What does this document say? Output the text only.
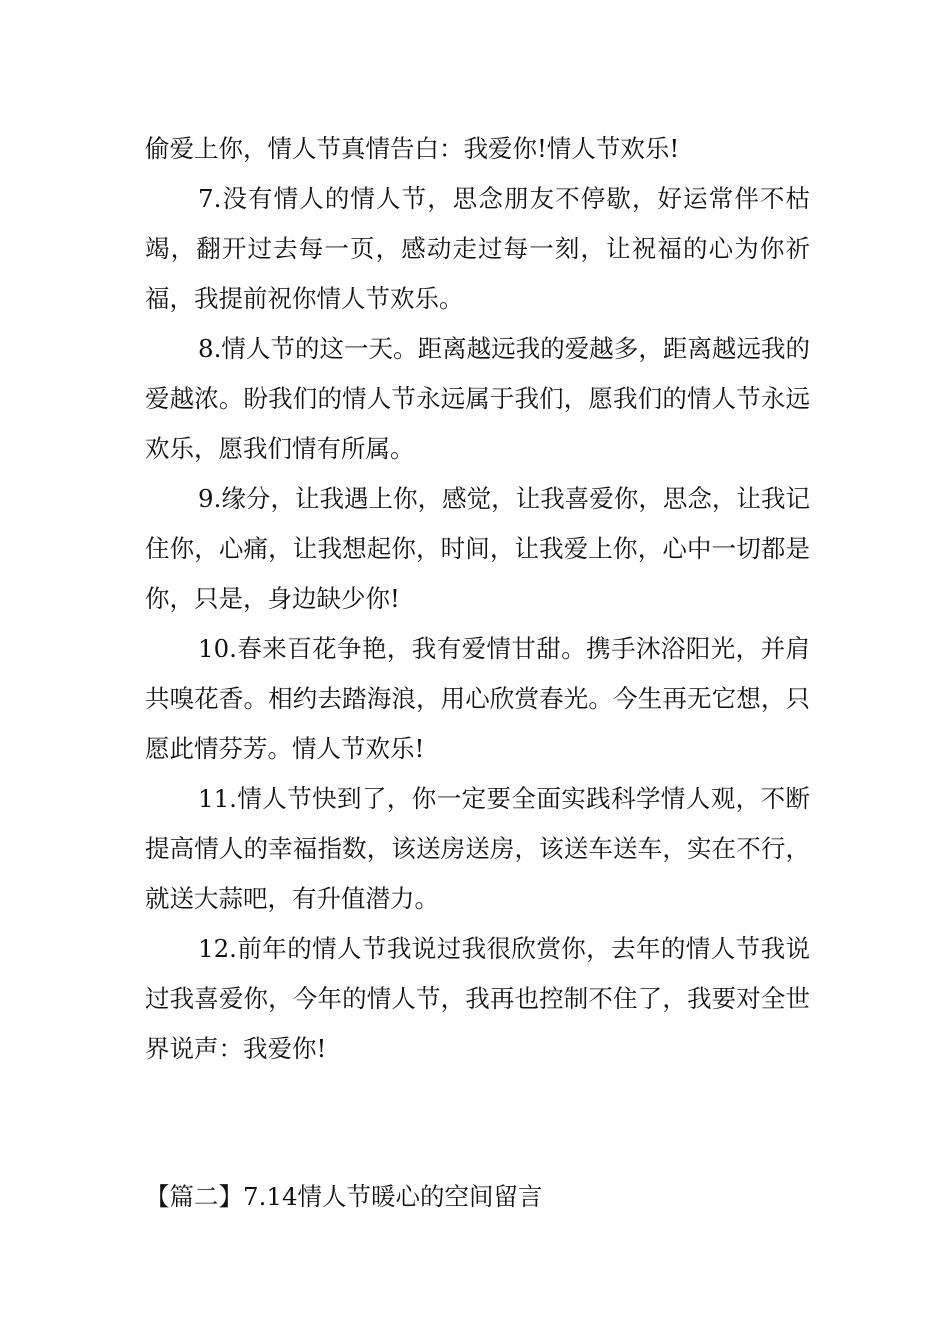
偷爱上你，情人节真情告白：我爱你!情人节欢乐!

7.没有情人的情人节，思念朋友不停歇，好运常伴不枯竭，翻开过去每一页，感动走过每一刻，让祝福的心为你祈福，我提前祝你情人节欢乐。

8.情人节的这一天。距离越远我的爱越多，距离越远我的爱越浓。盼我们的情人节永远属于我们，愿我们的情人节永远欢乐，愿我们情有所属。

9.缘分，让我遇上你，感觉，让我喜爱你，思念，让我记住你，心痛，让我想起你，时间，让我爱上你，心中一切都是你，只是，身边缺少你!

10.春来百花争艳，我有爱情甘甜。携手沐浴阳光，并肩共嗅花香。相约去踏海浪，用心欣赏春光。今生再无它想，只愿此情芬芳。情人节欢乐!

11.情人节快到了，你一定要全面实践科学情人观，不断提高情人的幸福指数，该送房送房，该送车送车，实在不行，就送大蒜吧，有升值潜力。

12.前年的情人节我说过我很欣赏你，去年的情人节我说过我喜爱你，今年的情人节，我再也控制不住了，我要对全世界说声：我爱你!

【篇二】7.14情人节暖心的空间留言
